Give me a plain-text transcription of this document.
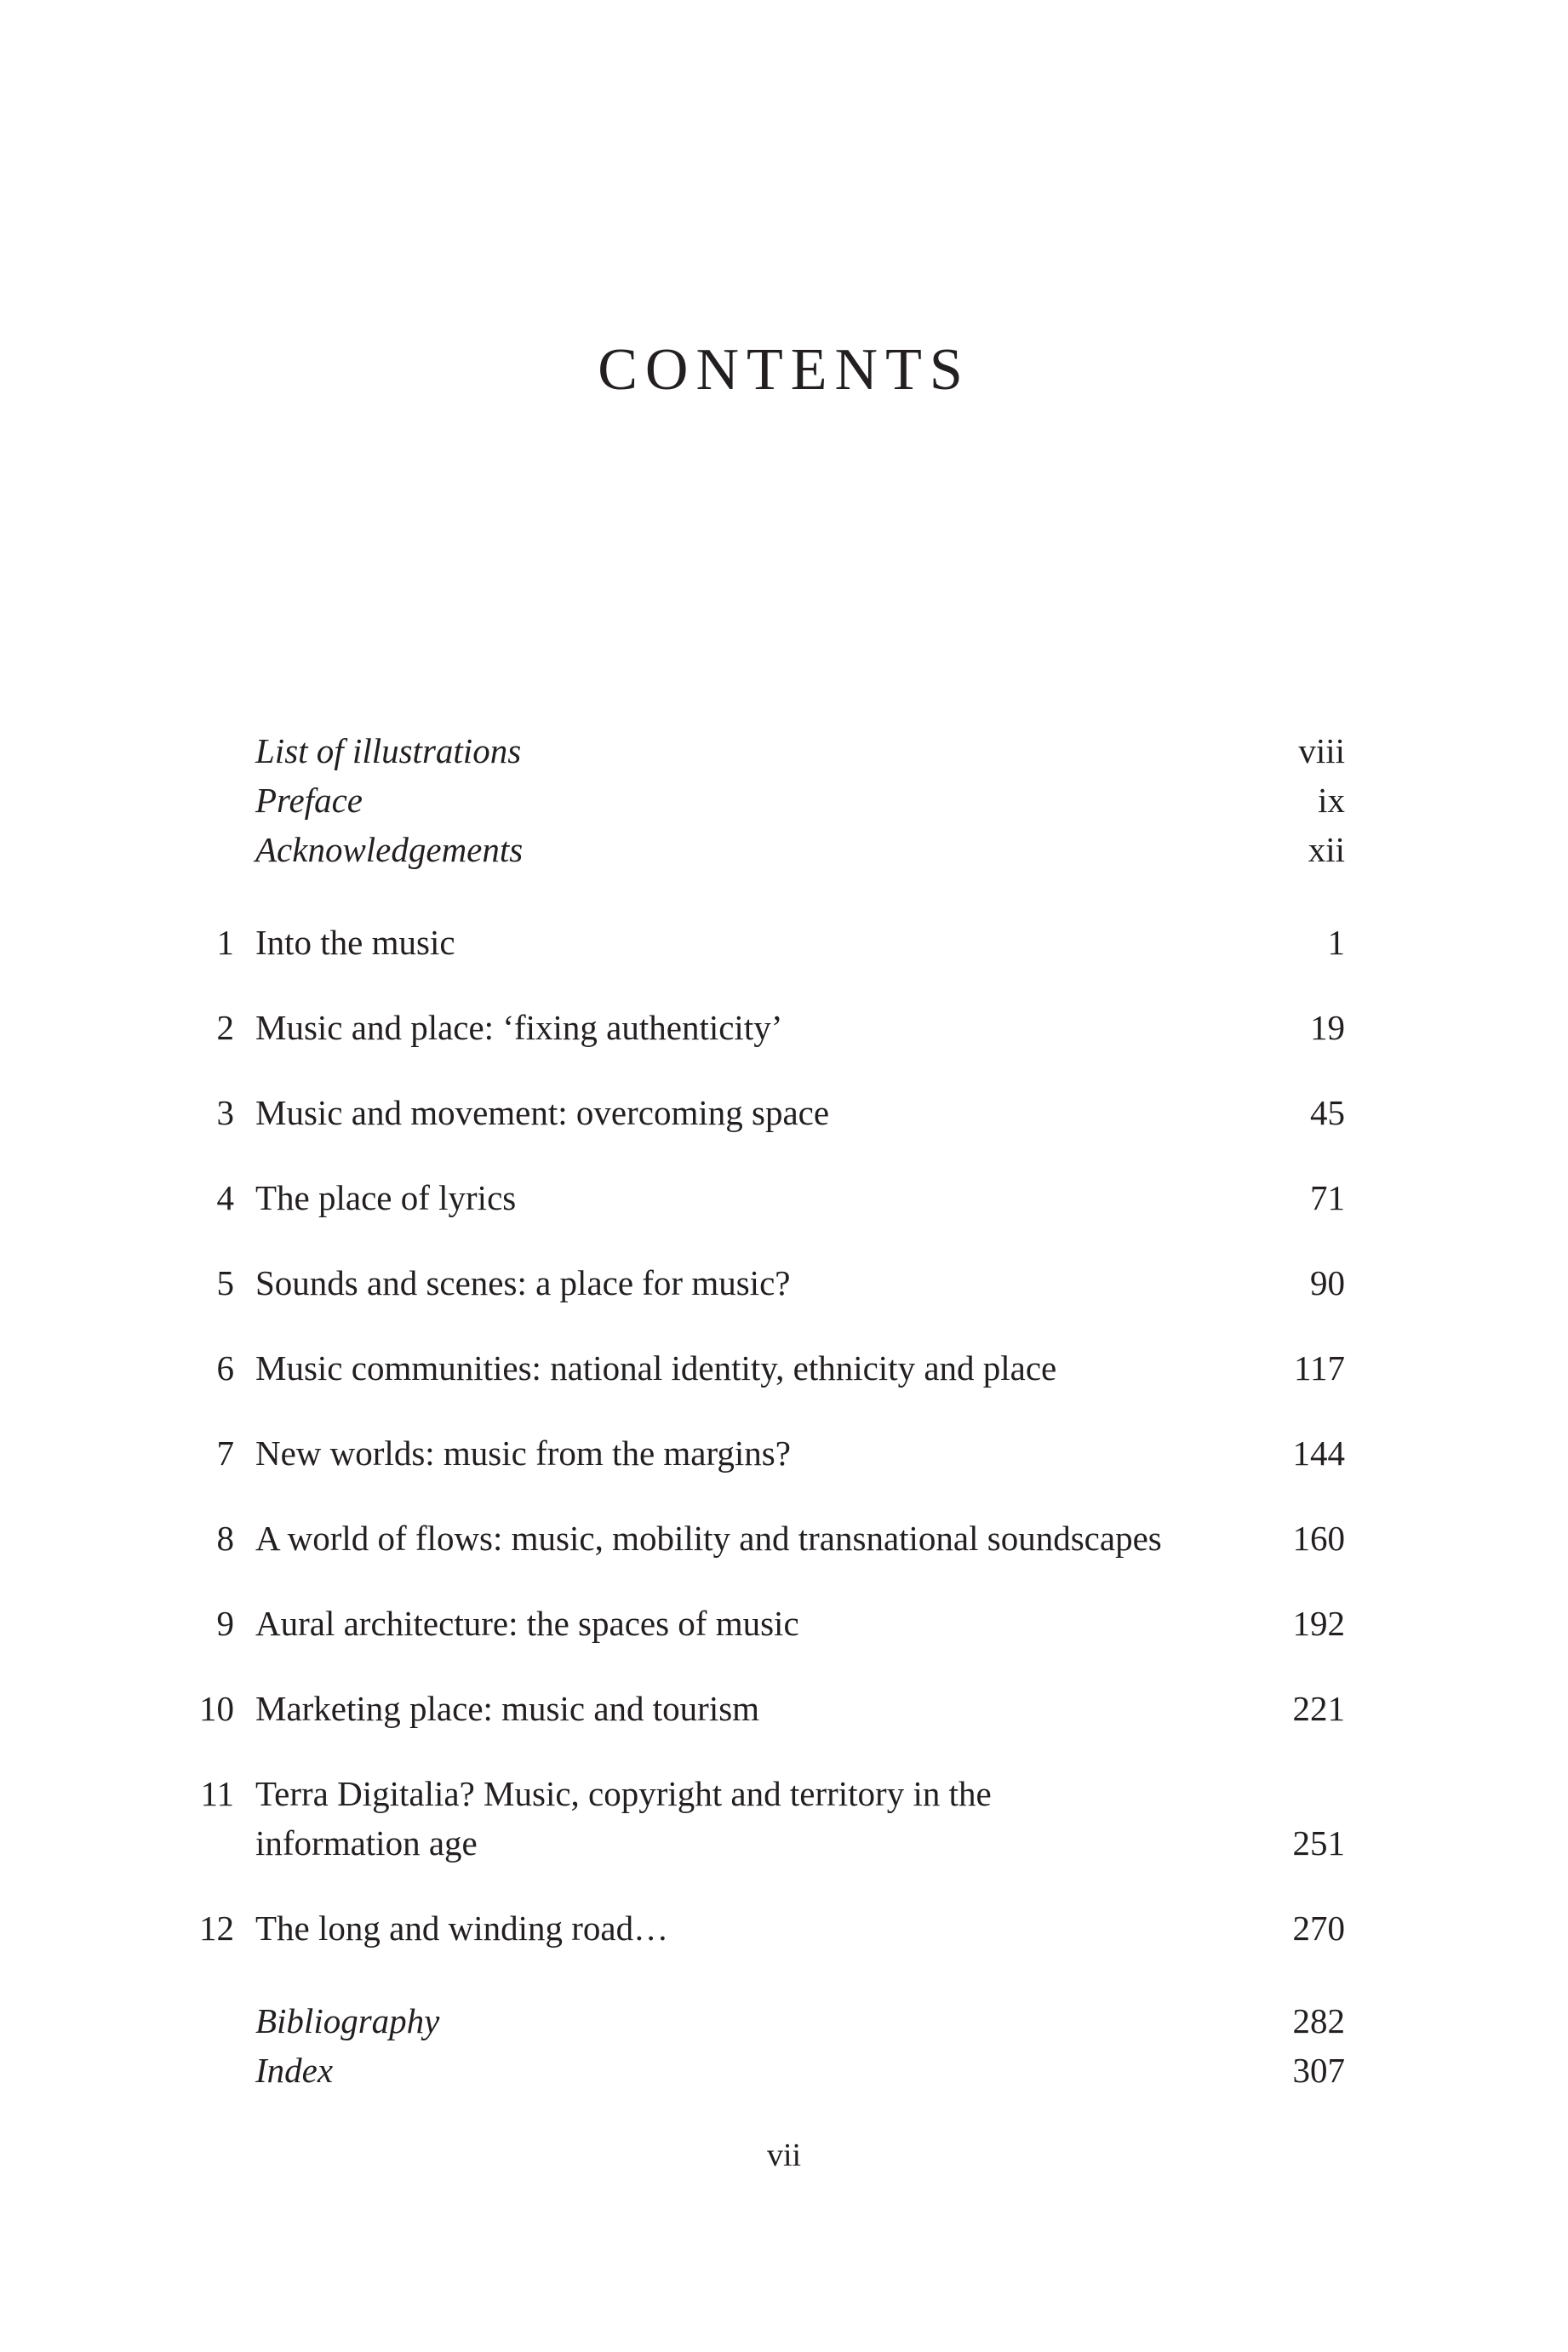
CONTENTS
List of illustrations	viii
Preface	ix
Acknowledgements	xii
1 Into the music	1
2 Music and place: ‘fixing authenticity’	19
3 Music and movement: overcoming space	45
4 The place of lyrics	71
5 Sounds and scenes: a place for music?	90
6 Music communities: national identity, ethnicity and place	117
7 New worlds: music from the margins?	144
8 A world of flows: music, mobility and transnational soundscapes	160
9 Aural architecture: the spaces of music	192
10 Marketing place: music and tourism	221
11 Terra Digitalia? Music, copyright and territory in the
information age	251
12 The long and winding road…	270
Bibliography	282
Index	307
vii
